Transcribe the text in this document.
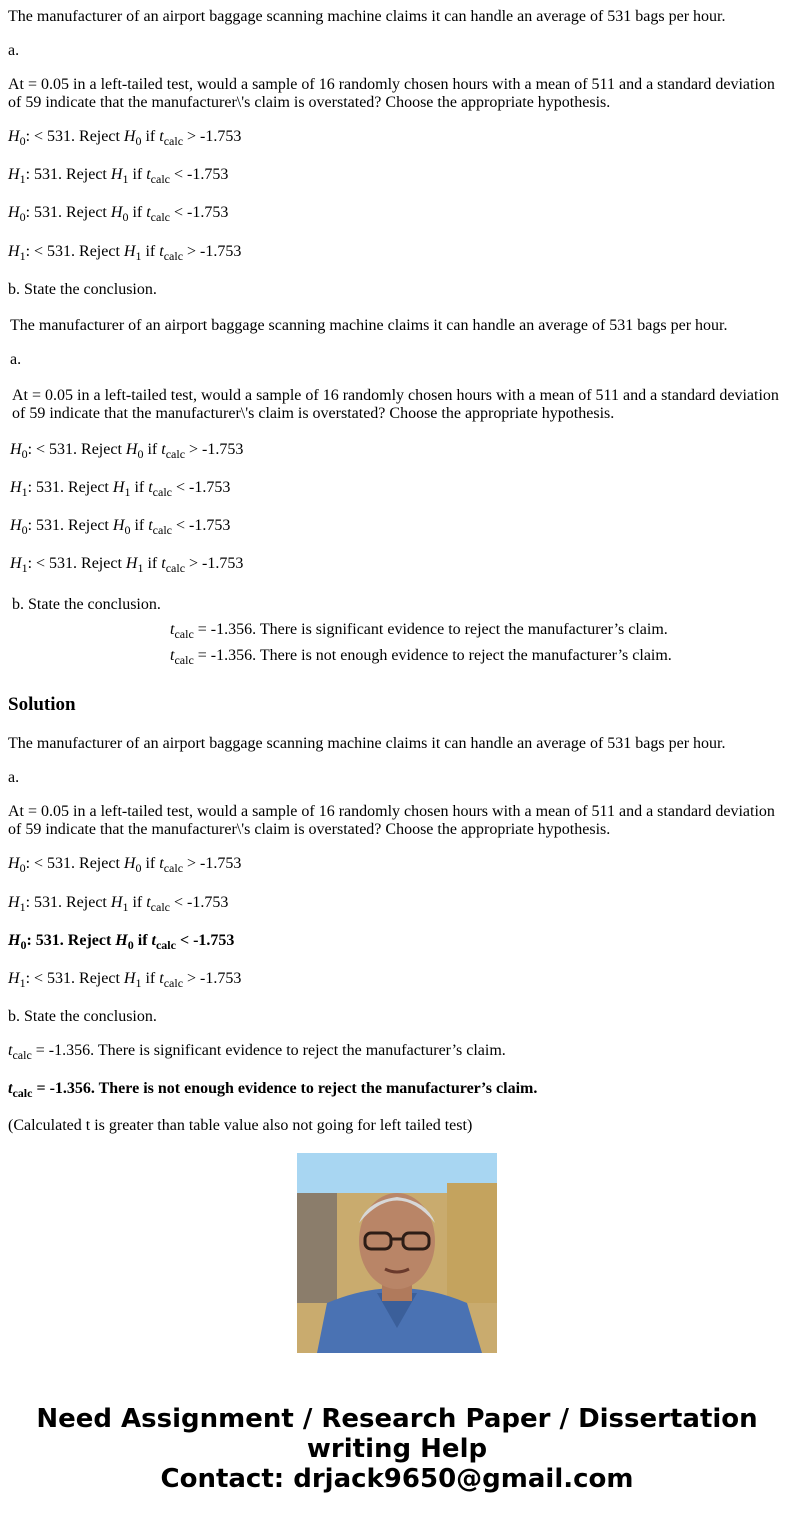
The manufacturer of an airport baggage scanning machine claims it can handle an average of 531 bags per hour.

a.

At = 0.05 in a left-tailed test, would a sample of 16 randomly chosen hours with a mean of 511 and a standard deviation of 59 indicate that the manufacturer\'s claim is overstated? Choose the appropriate hypothesis.

$H_0$: < 531. Reject $H_0$ if $t_{calc} > -1.753$

$H_1$: 531. Reject $H_1$ if $t_{calc} < -1.753$

$H_0$: 531. Reject $H_0$ if $t_{calc} < -1.753$

$H_1$: < 531. Reject $H_1$ if $t_{calc} > -1.753$

b. State the conclusion.

The manufacturer of an airport baggage scanning machine claims it can handle an average of 531 bags per hour.

a.

At = 0.05 in a left-tailed test, would a sample of 16 randomly chosen hours with a mean of 511 and a standard deviation of 59 indicate that the manufacturer\'s claim is overstated? Choose the appropriate hypothesis.

$H_0$: < 531. Reject $H_0$ if $t_{calc} > -1.753$

$H_1$: 531. Reject $H_1$ if $t_{calc} < -1.753$

$H_0$: 531. Reject $H_0$ if $t_{calc} < -1.753$

$H_1$: < 531. Reject $H_1$ if $t_{calc} > -1.753$

b. State the conclusion.

$t_{calc} = -1.356$. There is significant evidence to reject the manufacturer’s claim.

$t_{calc} = -1.356$. There is not enough evidence to reject the manufacturer’s claim.

Solution

The manufacturer of an airport baggage scanning machine claims it can handle an average of 531 bags per hour.

a.

At = 0.05 in a left-tailed test, would a sample of 16 randomly chosen hours with a mean of 511 and a standard deviation of 59 indicate that the manufacturer\'s claim is overstated? Choose the appropriate hypothesis.

$H_0$: < 531. Reject $H_0$ if $t_{calc} > -1.753$

$H_1$: 531. Reject $H_1$ if $t_{calc} < -1.753$

$H_0$: 531. Reject $H_0$ if $t_{calc} < -1.753$

$H_1$: < 531. Reject $H_1$ if $t_{calc} > -1.753$

b. State the conclusion.

$t_{calc} = -1.356$. There is significant evidence to reject the manufacturer’s claim.

$t_{calc} = -1.356$. There is not enough evidence to reject the manufacturer’s claim.

(Calculated t is greater than table value also not going for left tailed test)

Need Assignment / Research Paper / Dissertation
writing Help
Contact: drjack9650@gmail.com
